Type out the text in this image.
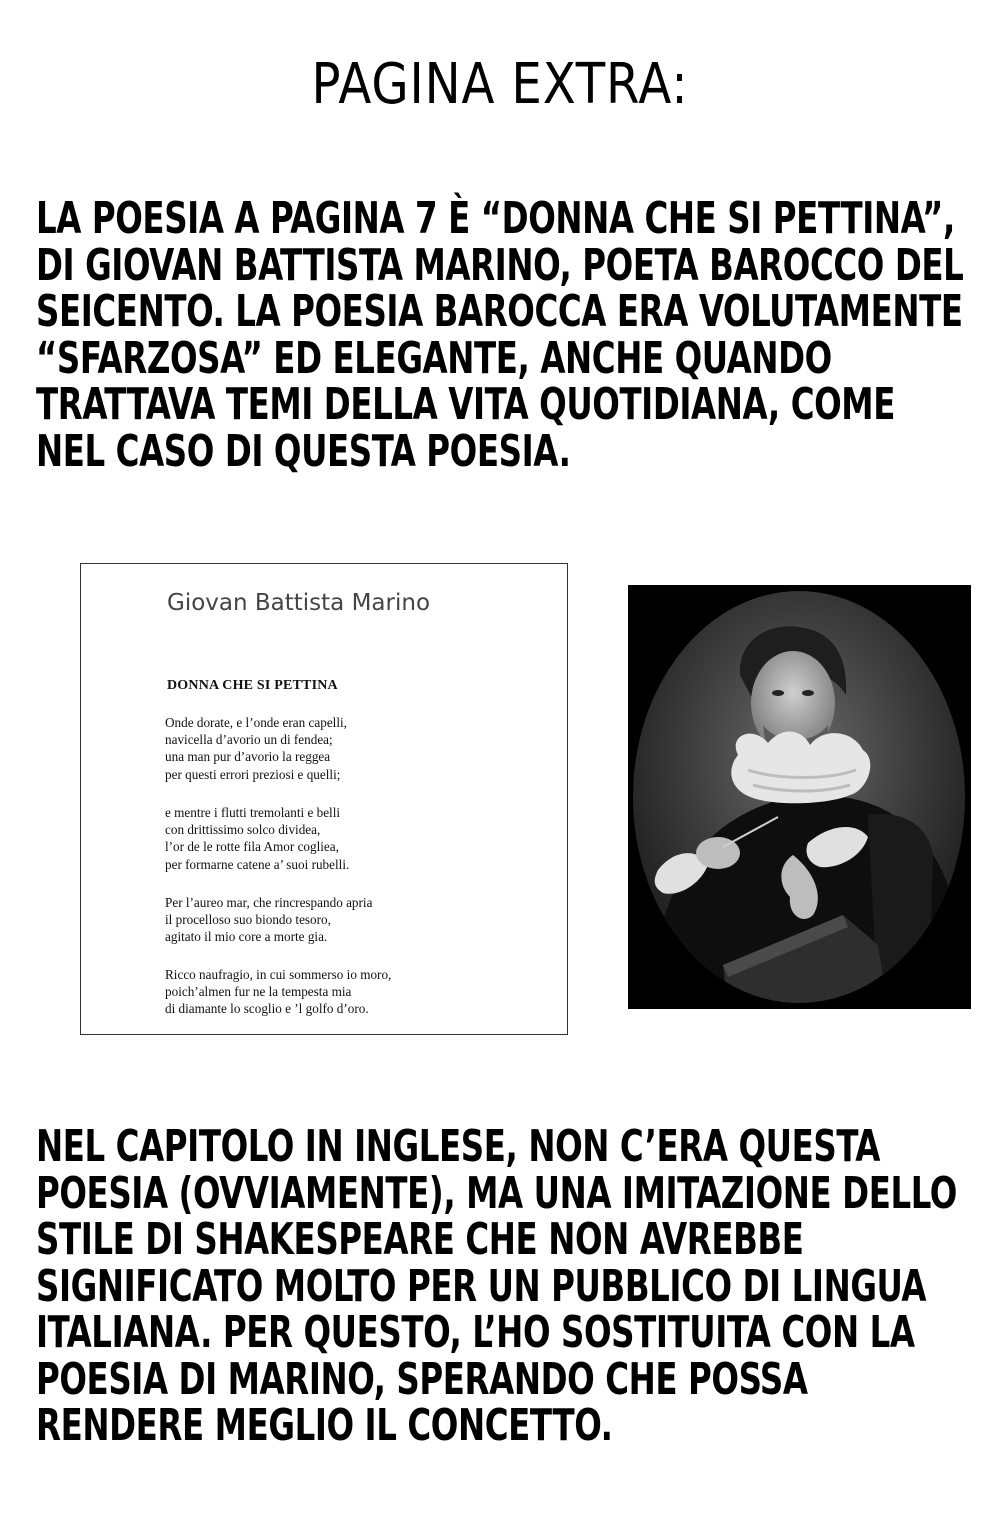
PAGINA EXTRA:
LA POESIA A PAGINA 7 È “DONNA CHE SI PETTINA”,
DI GIOVAN BATTISTA MARINO, POETA BAROCCO DEL
SEICENTO. LA POESIA BAROCCA ERA VOLUTAMENTE
“SFARZOSA” ED ELEGANTE, ANCHE QUANDO
TRATTAVA TEMI DELLA VITA QUOTIDIANA, COME
NEL CASO DI QUESTA POESIA.
Giovan Battista Marino
DONNA CHE SI PETTINA
Onde dorate, e l’onde eran capelli,
navicella d’avorio un di fendea;
una man pur d’avorio la reggea
per questi errori preziosi e quelli;
e mentre i flutti tremolanti e belli
con drittissimo solco dividea,
l’or de le rotte fila Amor cogliea,
per formarne catene a’ suoi rubelli.
Per l’aureo mar, che rincrespando apria
il procelloso suo biondo tesoro,
agitato il mio core a morte gia.
Ricco naufragio, in cui sommerso io moro,
poich’almen fur ne la tempesta mia
di diamante lo scoglio e ’l golfo d’oro.
NEL CAPITOLO IN INGLESE, NON C’ERA QUESTA
POESIA (OVVIAMENTE), MA UNA IMITAZIONE DELLO
STILE DI SHAKESPEARE CHE NON AVREBBE
SIGNIFICATO MOLTO PER UN PUBBLICO DI LINGUA
ITALIANA. PER QUESTO, L’HO SOSTITUITA CON LA
POESIA DI MARINO, SPERANDO CHE POSSA
RENDERE MEGLIO IL CONCETTO.
